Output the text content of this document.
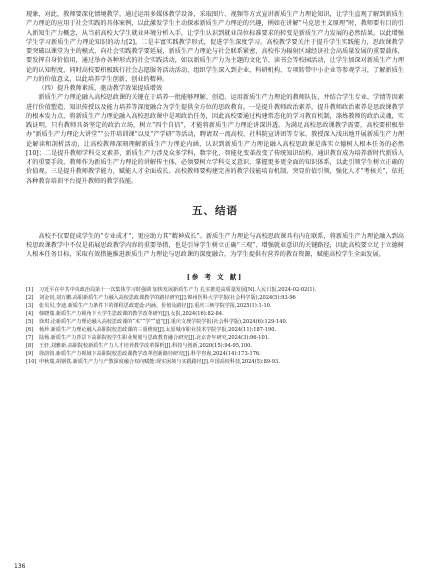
现象，对此，教师要深化情境教学，通过运用多媒体教学设备，采取图片、视频等方式宣讲新质生产力理论知识，让学生直观了解到新质生产力理论的应用于社会实践的具体案例，以此激发学生主动探索新质生产力理论的兴趣，例如在讲解“马克思主义原理”时，教师要有目的引入新知生产力概念，从当前高校大学生就业环境分析入手，让学生认识到就业岗位标准要求的转变是新质生产力发展的必然结果，以此增强学生学习新质生产力理论知识的动力[2]。二是丰富实践教学形式，促进学生深度学习。高校教学要关注于提升学生实践能力，思政课教学要突破以课堂为主的模式，向社会实践教学要延展，新质生产力理论与社会联系紧密，高校作为辐射区域经济社会高质量发展的重要载体，要发挥自身价值用，通过举办各种形式的社会实践活动，如以新质生产力为主题的文化节、读书会等校园活动，让学生加深对新质生产力理论的认知程度，同时高校要积极践行社会志愿服务活动活动，组织学生深入到企业、科研机构、专项转带中小企业等参观学习，了解新质生产力的价值意义，以此培养学生创新、创业的精神。

（四）提升教师素质，驱动教学效果提质增效

新质生产力理论融入高校思政课的关键在于培养一批能够理解、创造、运用新质生产力理论的教师队伍，并结合学生专业、学情等因素进行价值塑造、知识传授以及能力培养等深度融合为学生提供全方位的思政教育。一是提升教师政治素养，提升教师政治素养是思政课教学的根本发力点，将新质生产力理论融入高校思政课中是项政治任务，因此高校要通过构建常态化的学习教育机制，涤炼教师的政治灵魂，实践证明，只有教师具备坚定的政治立场，树立“四个自信”，才能将新质生产力理论讲深讲透。为满足高校思政课教学需要，高校要积极举办“新质生产力理论大讲堂”“公开培训课”以及“产学研”等活动，聘请双一流高校、社科院宣讲团等专家，教授深入浅出地开展新质生产力理论解读和剖析活动，让高校教师深刻理解新质生产力理论内涵，认识到新质生产力理论融入高校思政课是落实立德树人根本任务的必然[10]；二是提升教师学科交叉素养，新质生产力涉及众多学科，数字化、智能化变革改变了传统知识结构，通识教育成为培养新时代新质人才的重要手段，教师作为新质生产力理论的讲解传主体，必须要树立学科交叉意识，掌握更多更全面的知识体系，以此引领学生树立正确的价值观。三是提升教师教学能力，赋能人才全面成长。高校教师要构建完善的教学技能培育机制，突显价值引领，强化人才“考核关”，依托各种教育培训平台提升教师的教学技能。

五、结语

高校不仅要促成学生的“专业成才”，更应助力其“精神成长”。新质生产力理论与高校思政课具有内在联系，将新质生产力理论融入到高校思政课教学中不仅是拓展思政教学内容的重要举措，也是引导学生树立正确“三观”、增强就业意识的关键路径，因此高校要立足于立德树人根本任务目标，采取有效措施推进新质生产力理论与思政课的深度融合，为学生提供有营养的教育资源，赋能高校学生全面发展。

[参 考 文 献]
[1]	习近平在中共中央政治局第十一次集体学习时强调 加快发展新质生产力 扎实推进高质量发展[N].人民日报,2024-02-02(1).
[2]	刘金钊,刘万鹏.高职新质生产力融入高校思政课教学的路径研究[J].锦州医科大学学报(社会科学版),2024(5):93-96
[3]	张贝贝,李迪.新质生产力条件下的课程思政建设:内涵、价值及路径[J].重庆三峡学院学报,2025(1):1-10.
[4]	韩晓瑞.新质生产力视角下大学生思政课的教学改革研究[J].女报,2024(16):82-84.
[5]	徐琪.论新质生产力理论融入高校思政课的“术”“学”“道”[J].重庆文理学院学报(社会科学版),2024(6):129-140.
[6]	杨珍.新质生产力理论融入高职院校思政课的三重维度[J].太原城市职业技术学院学报,2024(11):187-190.
[7]	陆杨.新质生产力背景下高职院校学生职业规划与思政教育融合研究[J].北京青年研究,2024(3):96-101.
[8]	王轩,刘雅新.高职院校新质生产力人才培养教学改革探析[J].科技与创新,2020(15):94-95,100.
[9]	徐韵钧.新质生产力视域下高职院校思政课教学改革创新路径研究[J].科学咨询,2024(14):173-176.
[10] 申秋瑞,胡钢铁.新质生产力与产教深度融合双向赋能:现实困境与实践路径[J].中国高校科技,2024(5):89-93.
136
